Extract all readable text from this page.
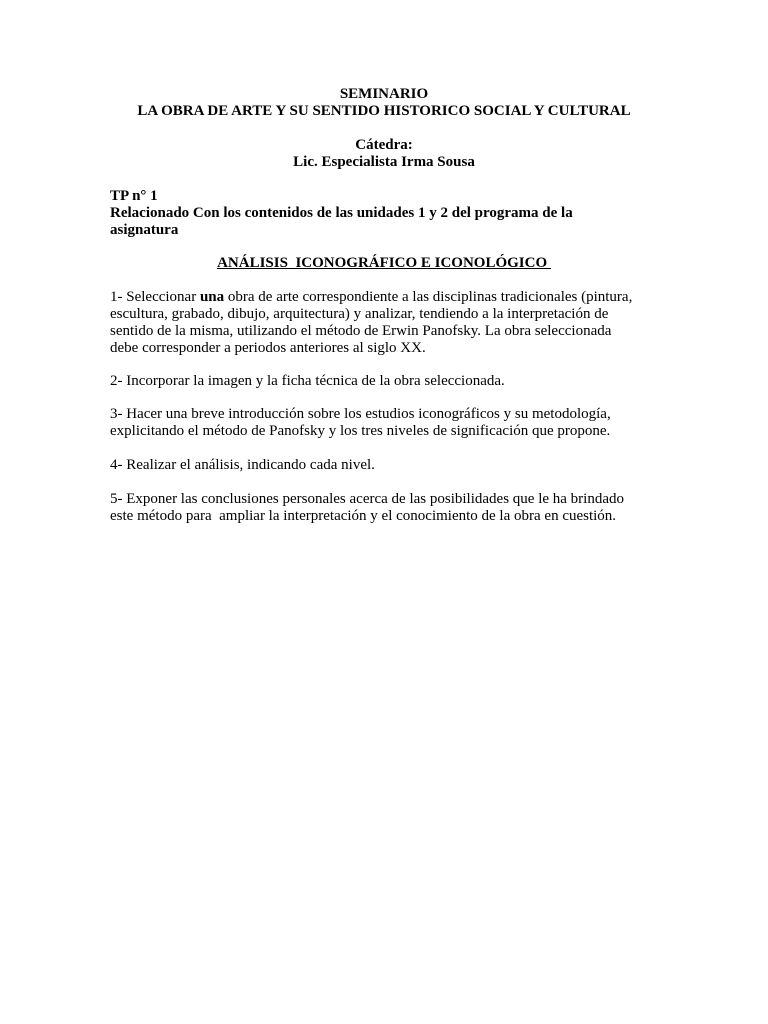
SEMINARIO
LA OBRA DE ARTE Y SU SENTIDO HISTORICO SOCIAL Y CULTURAL
Cátedra:
Lic. Especialista Irma Sousa
TP n° 1
Relacionado Con los contenidos de las unidades 1 y 2 del programa de la
asignatura
ANÁLISIS  ICONOGRÁFICO E ICONOLÓGICO
1- Seleccionar una obra de arte correspondiente a las disciplinas tradicionales (pintura,
escultura, grabado, dibujo, arquitectura) y analizar, tendiendo a la interpretación de
sentido de la misma, utilizando el método de Erwin Panofsky. La obra seleccionada
debe corresponder a periodos anteriores al siglo XX.
2- Incorporar la imagen y la ficha técnica de la obra seleccionada.
3- Hacer una breve introducción sobre los estudios iconográficos y su metodología,
explicitando el método de Panofsky y los tres niveles de significación que propone.
4- Realizar el análisis, indicando cada nivel.
5- Exponer las conclusiones personales acerca de las posibilidades que le ha brindado
este método para  ampliar la interpretación y el conocimiento de la obra en cuestión.
